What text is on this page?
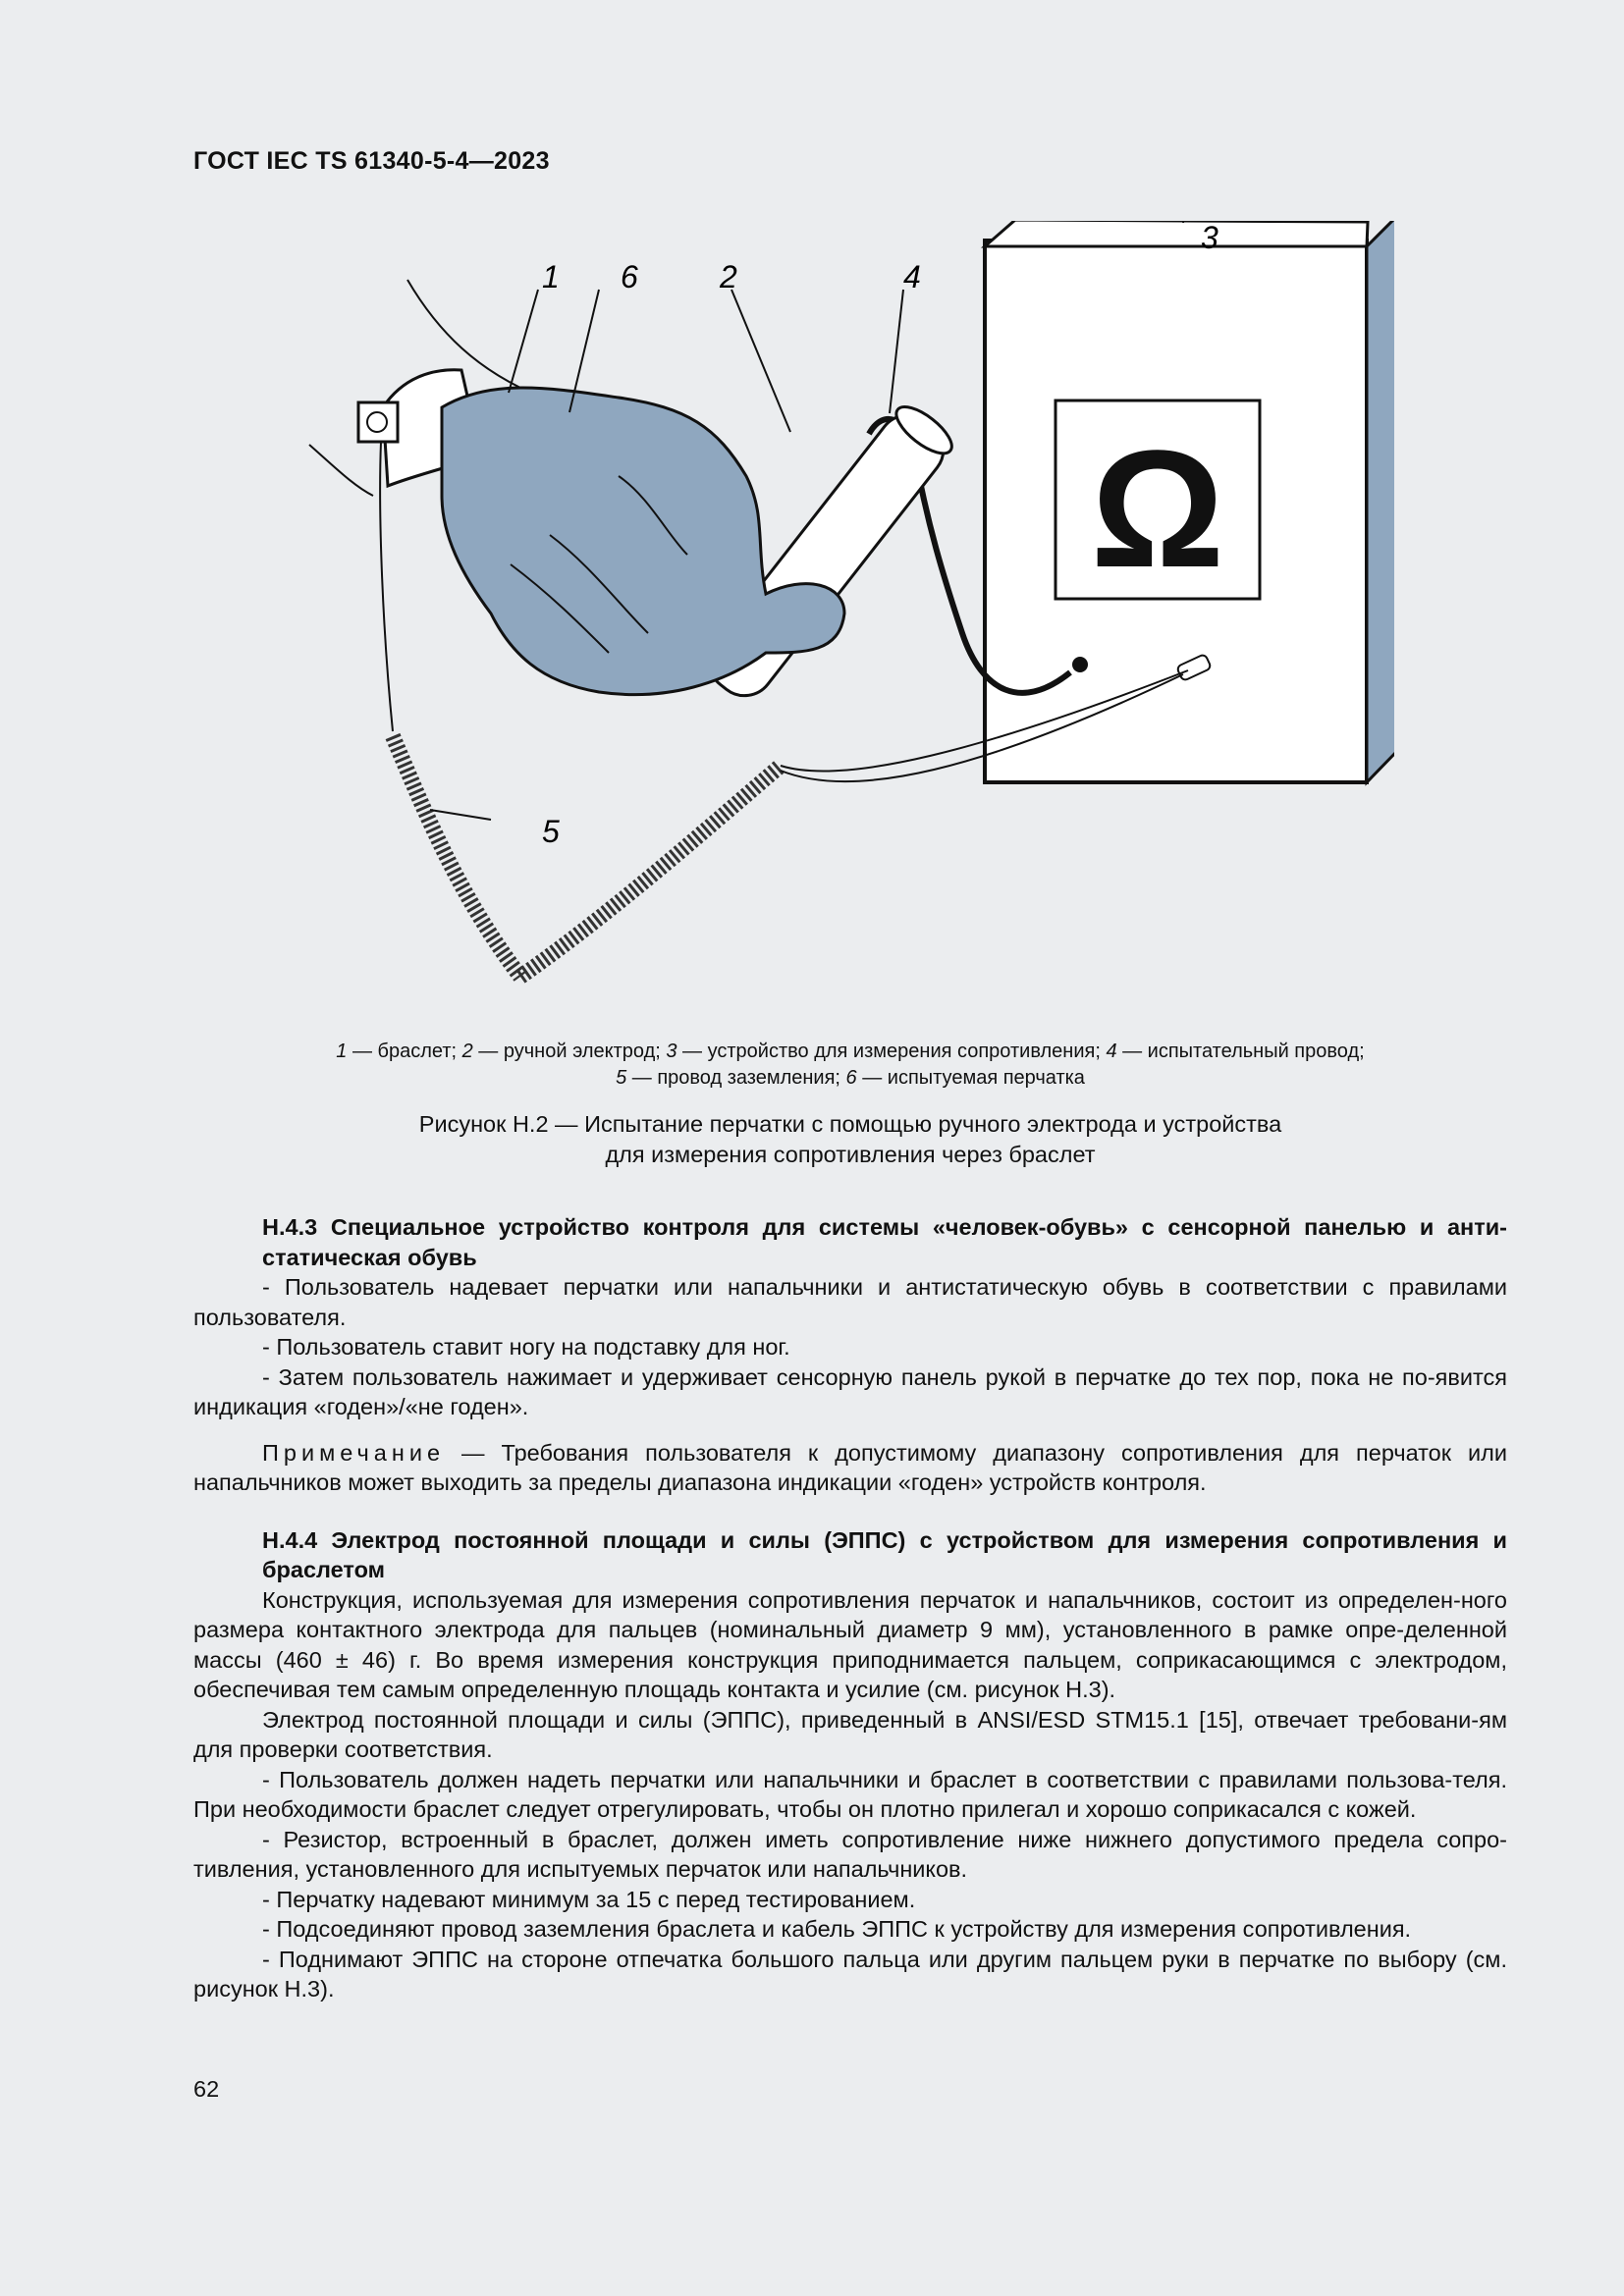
ГОСТ IEC TS 61340-5-4—2023
Ω
1 6	2	4
3
5
1 — браслет; 2 — ручной электрод; 3 — устройство для измерения сопротивления; 4 — испытательный провод;
5 — провод заземления; 6 — испытуемая перчатка
Рисунок Н.2 — Испытание перчатки с помощью ручного электрода и устройства
для измерения сопротивления через браслет

Н.4.3 Специальное устройство контроля для системы «человек-обувь» с сенсорной панелью и анти-статическая обувь

- Пользователь надевает перчатки или напальчники и антистатическую обувь в соответствии с правилами пользователя.

- Пользователь ставит ногу на подставку для ног.

- Затем пользователь нажимает и удерживает сенсорную панель рукой в перчатке до тех пор, пока не по-явится индикация «годен»/«не годен».

Примечание — Требования пользователя к допустимому диапазону сопротивления для перчаток или напальчников может выходить за пределы диапазона индикации «годен» устройств контроля.

Н.4.4 Электрод постоянной площади и силы (ЭППС) с устройством для измерения сопротивления и браслетом

Конструкция, используемая для измерения сопротивления перчаток и напальчников, состоит из определен-ного размера контактного электрода для пальцев (номинальный диаметр 9 мм), установленного в рамке опре-деленной массы (460 ± 46) г. Во время измерения конструкция приподнимается пальцем, соприкасающимся с электродом, обеспечивая тем самым определенную площадь контакта и усилие (см. рисунок Н.3).

Электрод постоянной площади и силы (ЭППС), приведенный в ANSI/ESD STM15.1 [15], отвечает требовани-ям для проверки соответствия.

- Пользователь должен надеть перчатки или напальчники и браслет в соответствии с правилами пользова-теля. При необходимости браслет следует отрегулировать, чтобы он плотно прилегал и хорошо соприкасался с кожей.

- Резистор, встроенный в браслет, должен иметь сопротивление ниже нижнего допустимого предела сопро-тивления, установленного для испытуемых перчаток или напальчников.

- Перчатку надевают минимум за 15 с перед тестированием.

- Подсоединяют провод заземления браслета и кабель ЭППС к устройству для измерения сопротивления.

- Поднимают ЭППС на стороне отпечатка большого пальца или другим пальцем руки в перчатке по выбору (см. рисунок Н.3).

62
